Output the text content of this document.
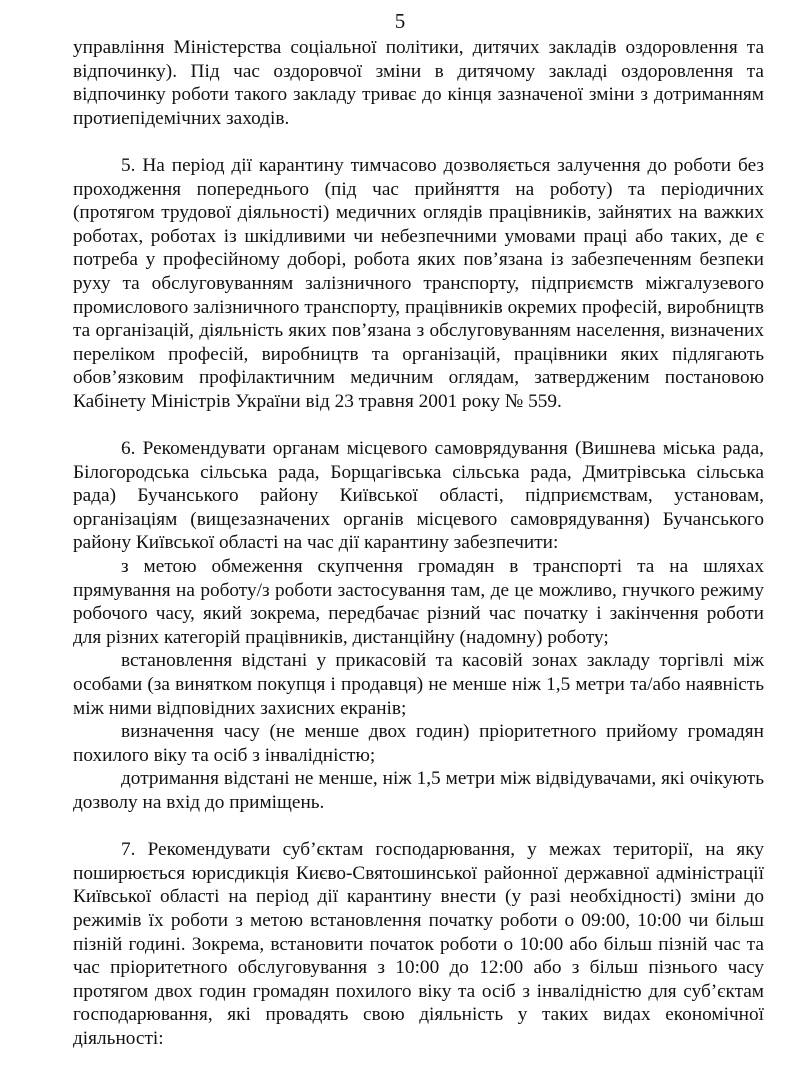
5

управління Міністерства соціальної політики, дитячих закладів оздоровлення та відпочинку). Під час оздоровчої зміни в дитячому закладі оздоровлення та відпочинку роботи такого закладу триває до кінця зазначеної зміни з дотриманням протиепідемічних заходів.

5. На період дії карантину тимчасово дозволяється залучення до роботи без проходження попереднього (під час прийняття на роботу) та періодичних (протягом трудової діяльності) медичних оглядів працівників, зайнятих на важких роботах, роботах із шкідливими чи небезпечними умовами праці або таких, де є потреба у професійному доборі, робота яких пов’язана із забезпеченням безпеки руху та обслуговуванням залізничного транспорту, підприємств міжгалузевого промислового залізничного транспорту, працівників окремих професій, виробництв та організацій, діяльність яких пов’язана з обслуговуванням населення, визначених переліком професій, виробництв та організацій, працівники яких підлягають обов’язковим профілактичним медичним оглядам, затвердженим постановою Кабінету Міністрів України від 23 травня 2001 року № 559.

6. Рекомендувати органам місцевого самоврядування (Вишнева міська рада, Білогородська сільська рада, Борщагівська сільська рада, Дмитрівська сільська рада) Бучанського району Київської області, підприємствам, установам, організаціям (вищезазначених органів місцевого самоврядування) Бучанського району Київської області на час дії карантину забезпечити:

з метою обмеження скупчення громадян в транспорті та на шляхах прямування на роботу/з роботи застосування там, де це можливо, гнучкого режиму робочого часу, який зокрема, передбачає різний час початку і закінчення роботи для різних категорій працівників, дистанційну (надомну) роботу;

встановлення відстані у прикасовій та касовій зонах закладу торгівлі між особами (за винятком покупця і продавця) не менше ніж 1,5 метри та/або наявність між ними відповідних захисних екранів;

визначення часу (не менше двох годин) пріоритетного прийому громадян похилого віку та осіб з інвалідністю;

дотримання відстані не менше, ніж 1,5 метри між відвідувачами, які очікують дозволу на вхід до приміщень.

7. Рекомендувати суб’єктам господарювання, у межах території, на яку поширюється юрисдикція Києво-Святошинської районної державної адміністрації Київської області на період дії карантину внести (у разі необхідності) зміни до режимів їх роботи з метою встановлення початку роботи о 09:00, 10:00 чи більш пізній годині. Зокрема, встановити початок роботи о 10:00 або більш пізній час та час пріоритетного обслуговування з 10:00 до 12:00 або з більш пізнього часу протягом двох годин громадян похилого віку та осіб з інвалідністю для суб’єктам господарювання, які провадять свою діяльність у таких видах економічної діяльності:
